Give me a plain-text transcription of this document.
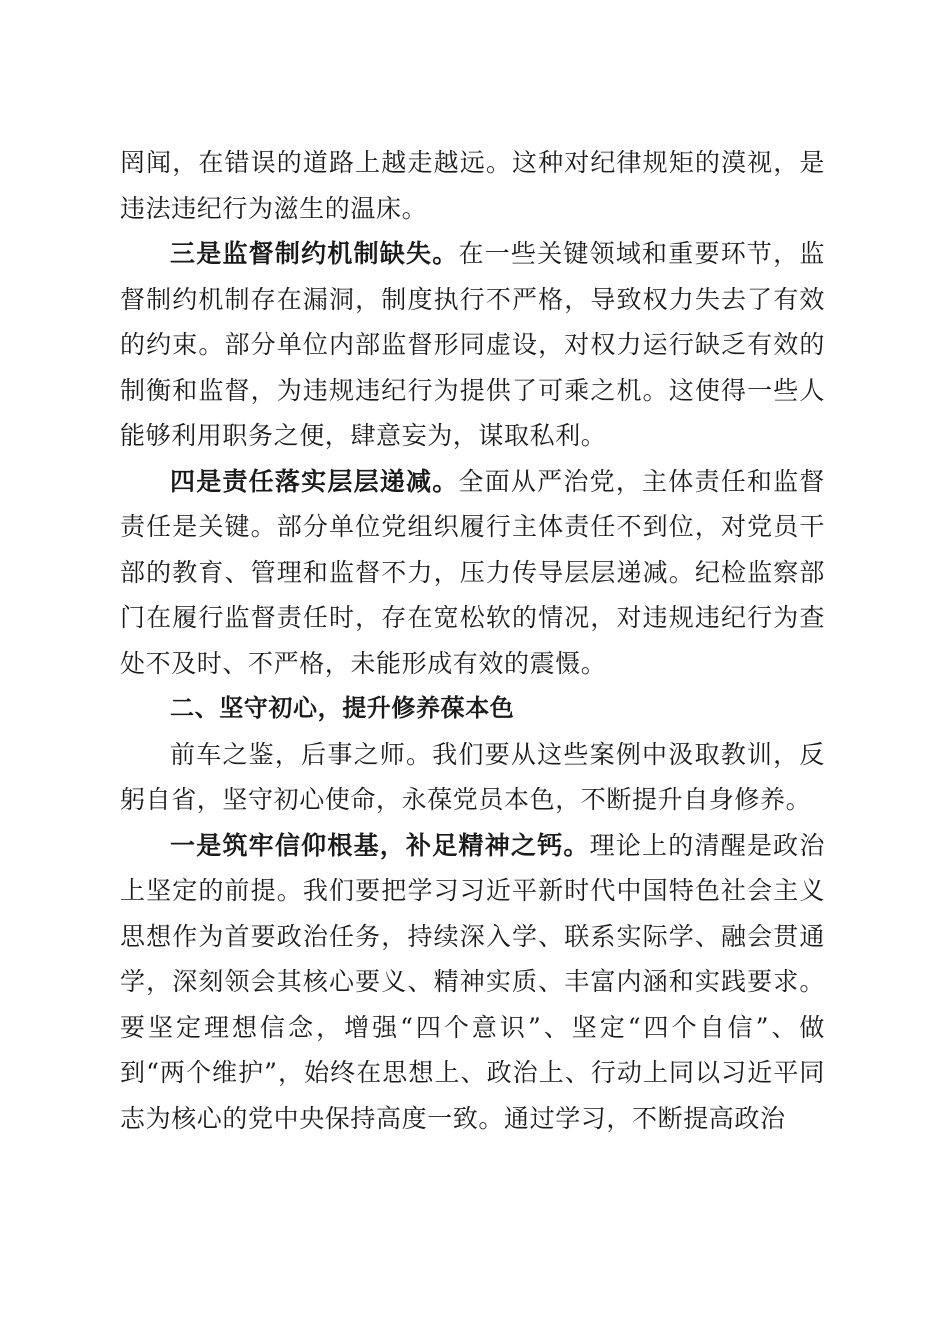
罔闻，在错误的道路上越走越远。这种对纪律规矩的漠视，是违法违纪行为滋生的温床。

三是监督制约机制缺失。在一些关键领域和重要环节，监督制约机制存在漏洞，制度执行不严格，导致权力失去了有效的约束。部分单位内部监督形同虚设，对权力运行缺乏有效的制衡和监督，为违规违纪行为提供了可乘之机。这使得一些人能够利用职务之便，肆意妄为，谋取私利。

四是责任落实层层递减。全面从严治党，主体责任和监督责任是关键。部分单位党组织履行主体责任不到位，对党员干部的教育、管理和监督不力，压力传导层层递减。纪检监察部门在履行监督责任时，存在宽松软的情况，对违规违纪行为查处不及时、不严格，未能形成有效的震慑。

二、坚守初心，提升修养葆本色

前车之鉴，后事之师。我们要从这些案例中汲取教训，反躬自省，坚守初心使命，永葆党员本色，不断提升自身修养。

一是筑牢信仰根基，补足精神之钙。理论上的清醒是政治上坚定的前提。我们要把学习习近平新时代中国特色社会主义思想作为首要政治任务，持续深入学、联系实际学、融会贯通学，深刻领会其核心要义、精神实质、丰富内涵和实践要求。要坚定理想信念，增强“四个意识”、坚定“四个自信”、做到“两个维护”，始终在思想上、政治上、行动上同以习近平同志为核心的党中央保持高度一致。通过学习，不断提高政治
